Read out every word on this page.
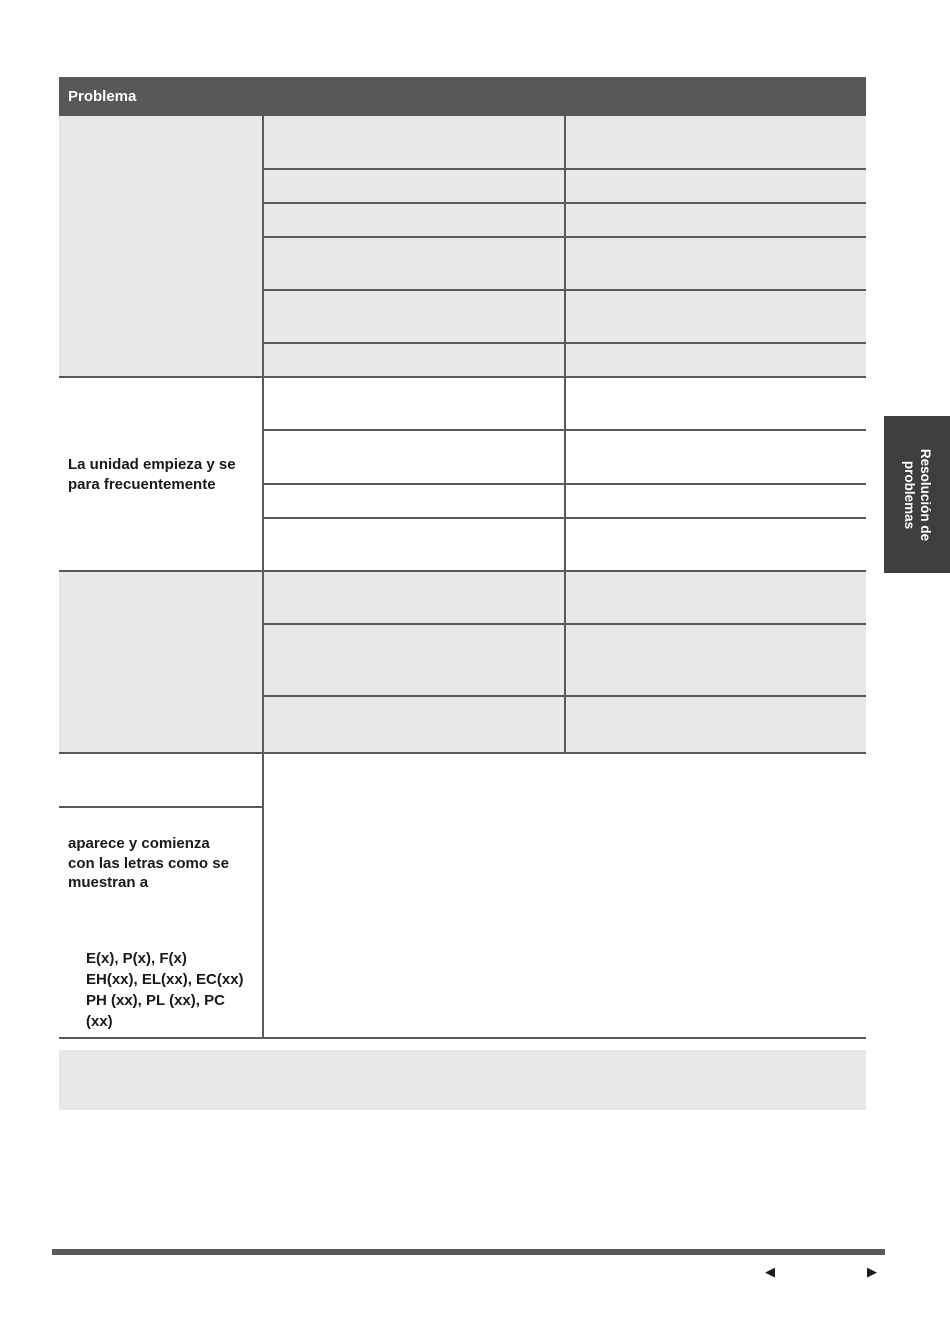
Problema
La unidad empieza y se para frecuentemente
aparece y comienza con las letras como se muestran a
E(x), P(x), F(x)
EH(xx), EL(xx), EC(xx)
PH (xx), PL (xx), PC
(xx)
Resolución de
problemas
◀	▶
